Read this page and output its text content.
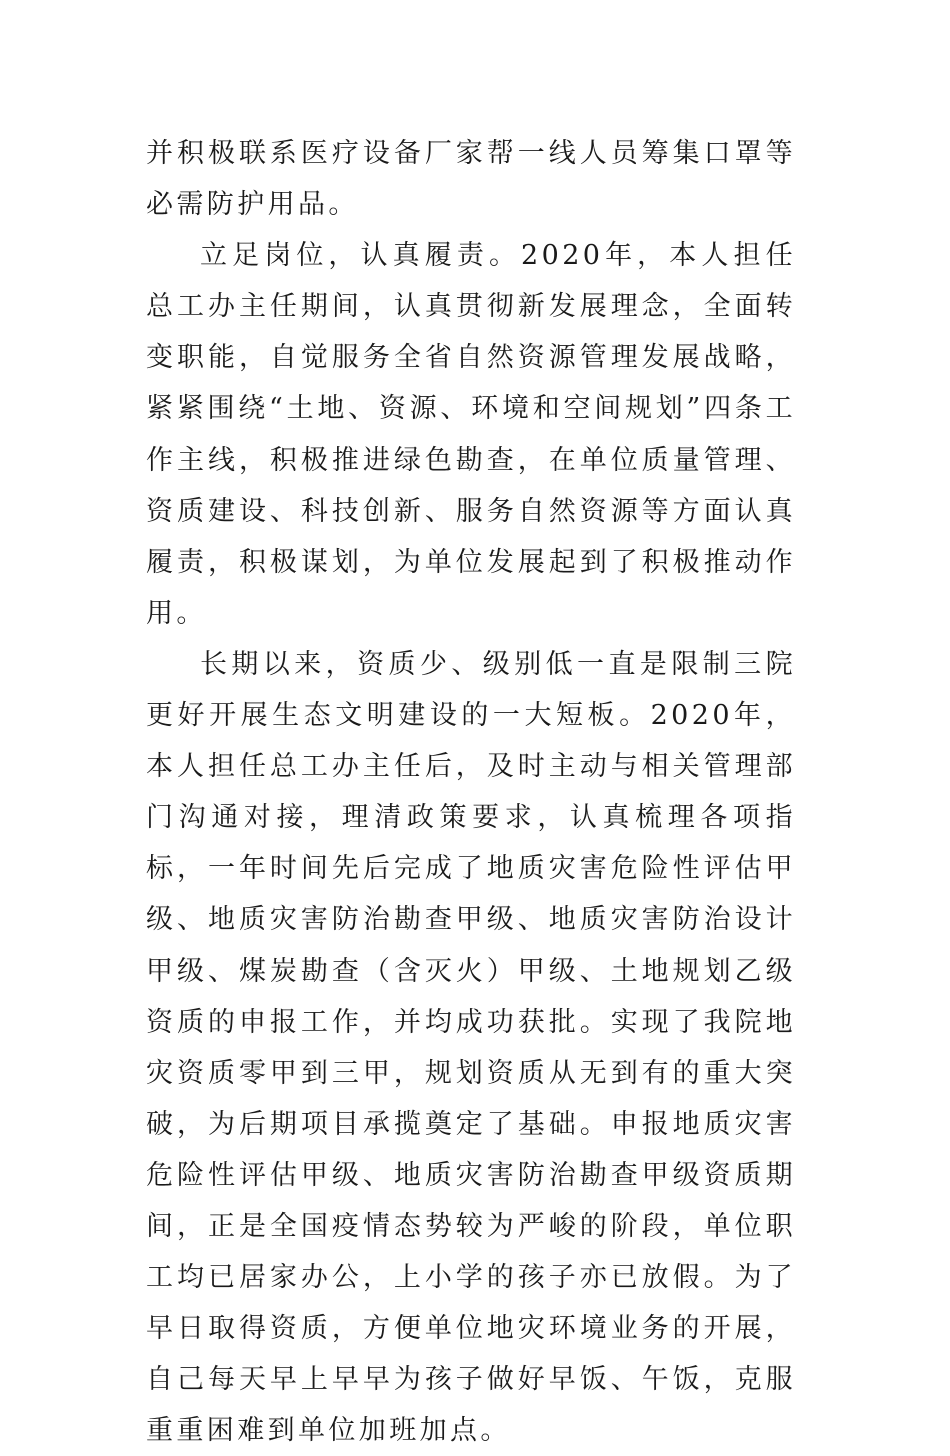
并积极联系医疗设备厂家帮一线人员筹集口罩等必需防护用品。

立足岗位，认真履责。2020年，本人担任总工办主任期间，认真贯彻新发展理念，全面转变职能，自觉服务全省自然资源管理发展战略，紧紧围绕“土地、资源、环境和空间规划”四条工作主线，积极推进绿色勘查，在单位质量管理、资质建设、科技创新、服务自然资源等方面认真履责，积极谋划，为单位发展起到了积极推动作用。

长期以来，资质少、级别低一直是限制三院更好开展生态文明建设的一大短板。2020年，本人担任总工办主任后，及时主动与相关管理部门沟通对接，理清政策要求，认真梳理各项指标，一年时间先后完成了地质灾害危险性评估甲级、地质灾害防治勘查甲级、地质灾害防治设计甲级、煤炭勘查（含灭火）甲级、土地规划乙级资质的申报工作，并均成功获批。实现了我院地灾资质零甲到三甲，规划资质从无到有的重大突破，为后期项目承揽奠定了基础。申报地质灾害危险性评估甲级、地质灾害防治勘查甲级资质期间，正是全国疫情态势较为严峻的阶段，单位职工均已居家办公，上小学的孩子亦已放假。为了早日取得资质，方便单位地灾环境业务的开展，自己每天早上早早为孩子做好早饭、午饭，克服重重困难到单位加班加点。
